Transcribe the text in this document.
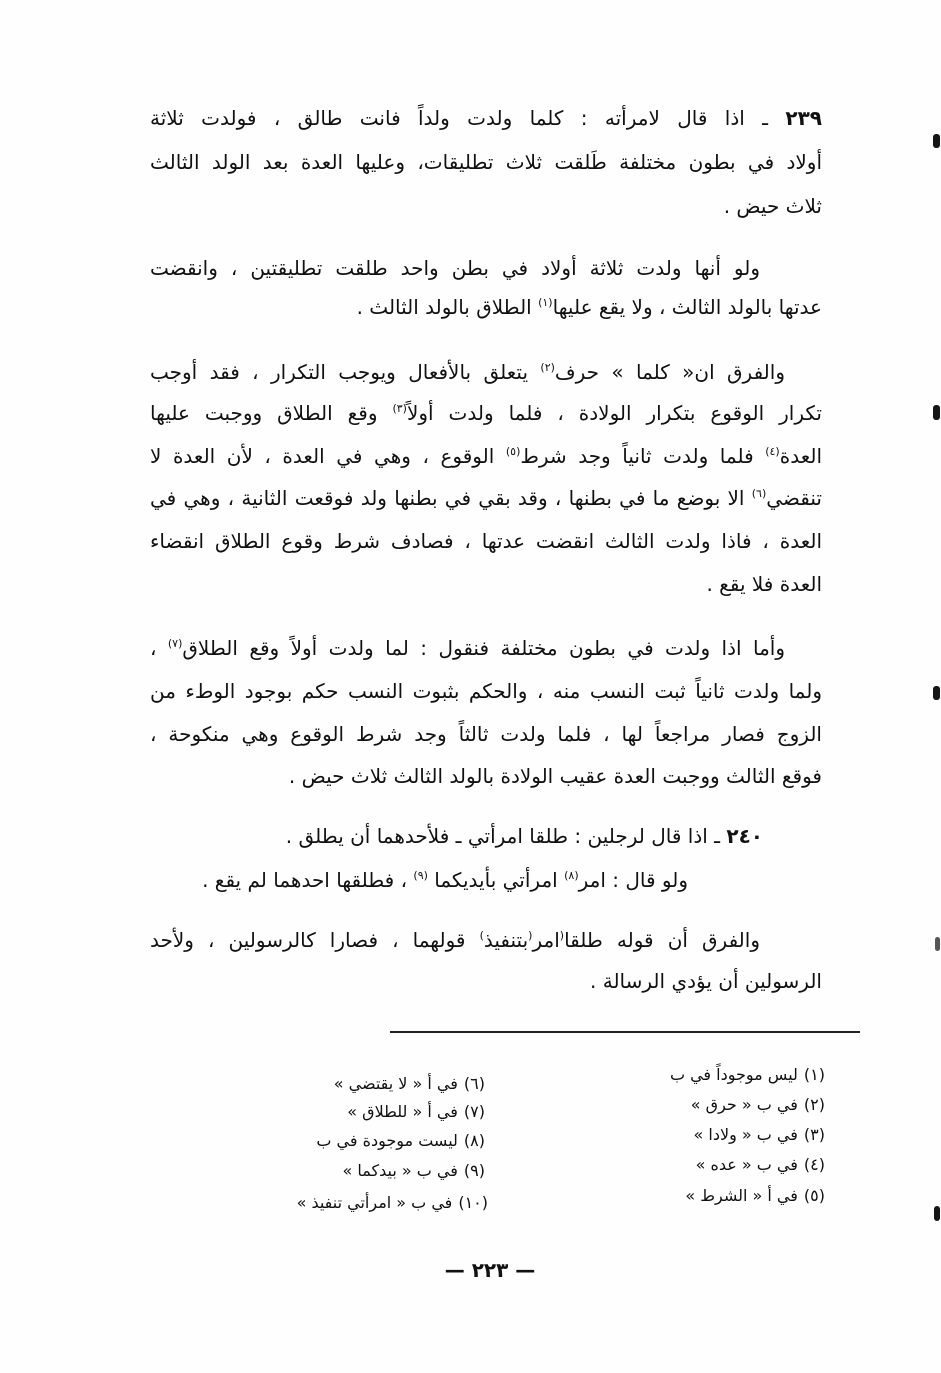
٢٣٩ ـ اذا قال لامرأته : كلما ولدت ولداً فانت طالق ، فولدت ثلاثة
أولاد في بطون مختلفة طَلقت ثلاث تطليقات، وعليها العدة بعد الولد الثالث
ثلاث حيض .
ولو أنها ولدت ثلاثة أولاد في بطن واحد طلقت تطليقتين ، وانقضت
عدتها بالولد الثالث ، ولا يقع عليها$^{(١)}$ الطلاق بالولد الثالث .
والفرق ان« كلما » حرف$^{(٢)}$ يتعلق بالأفعال ويوجب التكرار ، فقد أوجب
تكرار الوقوع بتكرار الولادة ، فلما ولدت أولاً$^{(٣)}$ وقع الطلاق ووجبت عليها
العدة$^{(٤)}$ فلما ولدت ثانياً وجد شرط$^{(٥)}$ الوقوع ، وهي في العدة ، لأن العدة لا
تنقضي$^{(٦)}$ الا بوضع ما في بطنها ، وقد بقي في بطنها ولد فوقعت الثانية ، وهي في
العدة ، فاذا ولدت الثالث انقضت عدتها ، فصادف شرط وقوع الطلاق انقضاء
العدة فلا يقع .
وأما اذا ولدت في بطون مختلفة فنقول : لما ولدت أولاً وقع الطلاق$^{(٧)}$ ،
ولما ولدت ثانياً ثبت النسب منه ، والحكم بثبوت النسب حكم بوجود الوطء من
الزوج فصار مراجعاً لها ، فلما ولدت ثالثاً وجد شرط الوقوع وهي منكوحة ،
فوقع الثالث ووجبت العدة عقيب الولادة بالولد الثالث ثلاث حيض .
٢٤٠ ـ اذا قال لرجلين : طلقا امرأتي ـ فلأحدهما أن يطلق .
ولو قال : امر$^{(٨)}$ امرأتي بأيديكما $^{(٩)}$ ، فطلقها احدهما لم يقع .
والفرق أن قوله طلقا(امر(بتنفيذ) قولهما ، فصارا كالرسولين ، ولأحد
الرسولين أن يؤدي الرسالة .
(١)ليس موجوداً في ب
(٢)في ب « حرق »
(٣)في ب « ولادا »
(٤)في ب « عده »
(٥)في أ « الشرط »
(٦)في أ « لا يقتضي »
(٧)في أ « للطلاق »
(٨)ليست موجودة في ب
(٩)في ب « بيدكما »
(١٠)في ب « امرأتي تنفيذ »
— ٢٢٣ —
